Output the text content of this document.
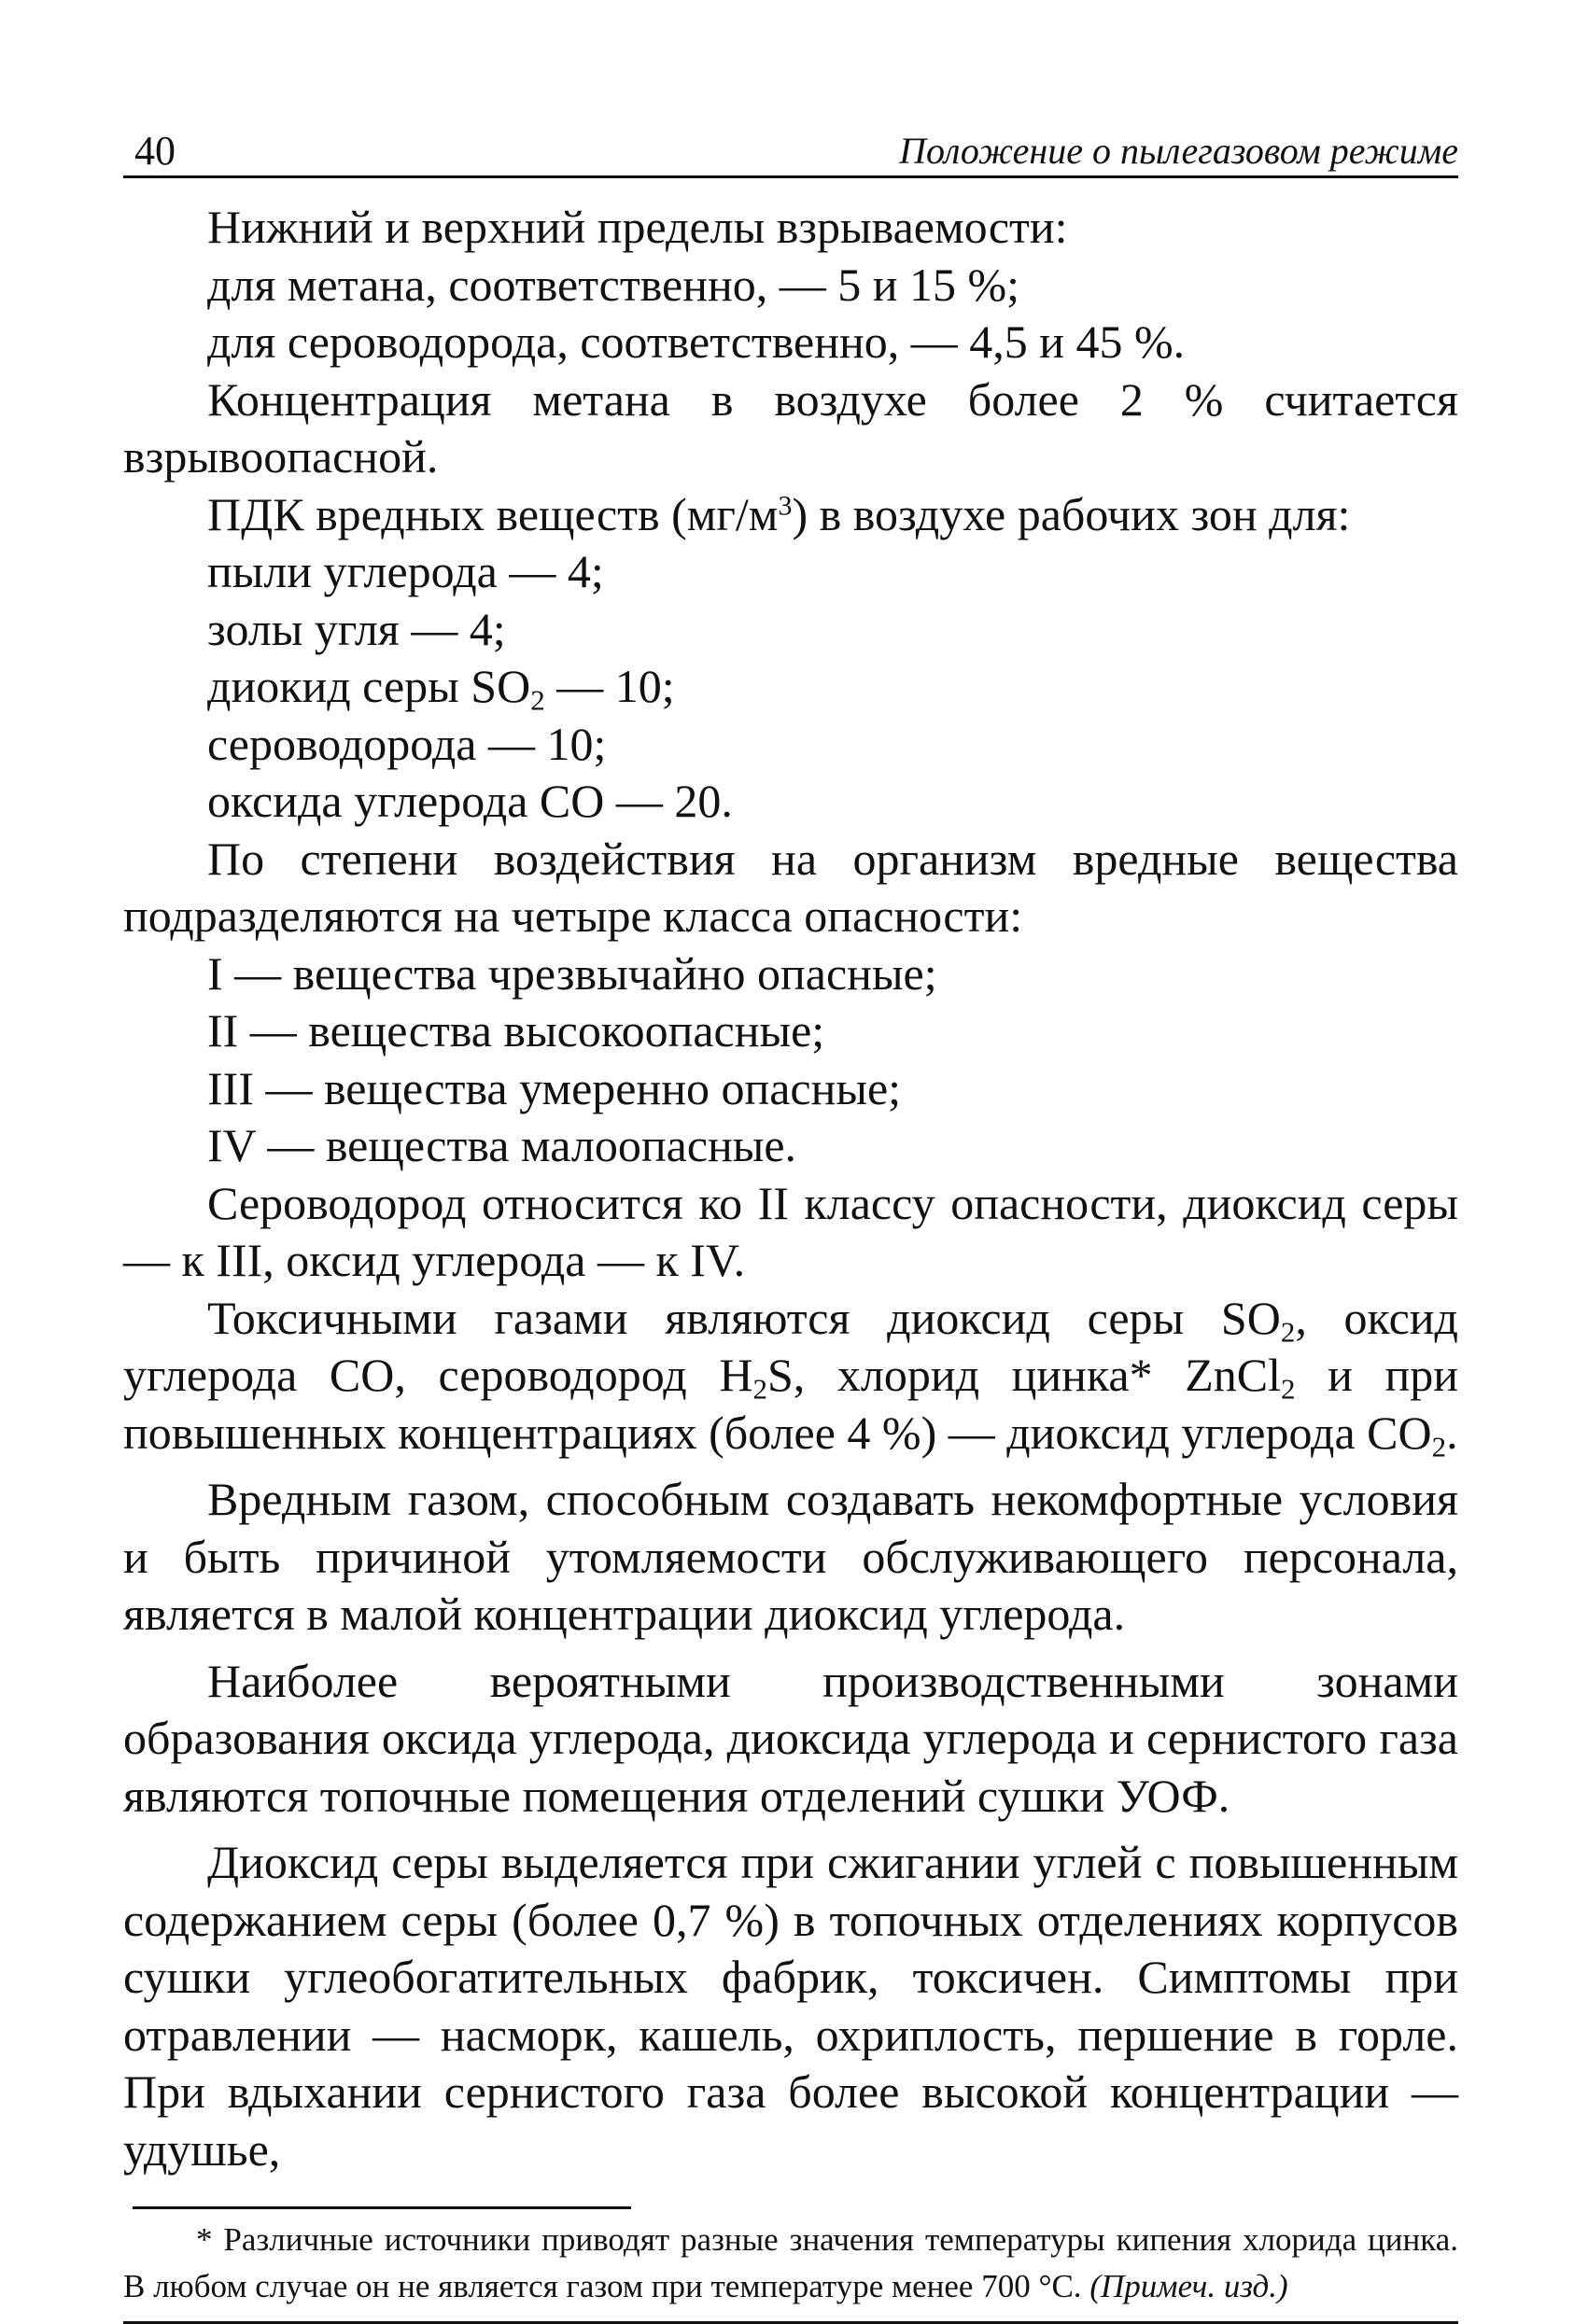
40	Положение о пылегазовом режиме

Нижний и верхний пределы взрываемости:

для метана, соответственно, — 5 и 15 %;

для сероводорода, соответственно, — 4,5 и 45 %.

Концентрация метана в воздухе более 2 % считается взрывоопасной.

ПДК вредных веществ $(мг/м^3)$ в воздухе рабочих зон для:

пыли углерода — 4;

золы угля — 4;

диокид серы $SO_2$ — 10;

сероводорода — 10;

оксида углерода СО — 20.

По степени воздействия на организм вредные вещества подразделяются на четыре класса опасности:

I — вещества чрезвычайно опасные;

II — вещества высокоопасные;

III — вещества умеренно опасные;

IV — вещества малоопасные.

Сероводород относится ко II классу опасности, диоксид серы — к III, оксид углерода — к IV.

Токсичными газами являются диоксид серы $SO_2$, оксид углерода СО, сероводород $H_2S$, хлорид цинка* ZnCl$_2$ и при повышенных концентрациях (более 4 %) — диоксид углерода $СО_2$.

Вредным газом, способным создавать некомфортные условия и быть причиной утомляемости обслуживающего персонала, является в малой концентрации диоксид углерода.

Наиболее вероятными производственными зонами образования оксида углерода, диоксида углерода и сернистого газа являются топочные помещения отделений сушки УОФ.

Диоксид серы выделяется при сжигании углей с повышенным содержанием серы (более 0,7 %) в топочных отделениях корпусов сушки углеобогатительных фабрик, токсичен. Симптомы при отравлении — насморк, кашель, охриплость, першение в горле. При вдыхании сернистого газа более высокой концентрации — удушье,

* Различные источники приводят разные значения температуры кипения хлорида цинка. В любом случае он не является газом при температуре менее 700 °С. (Примеч. изд.)
